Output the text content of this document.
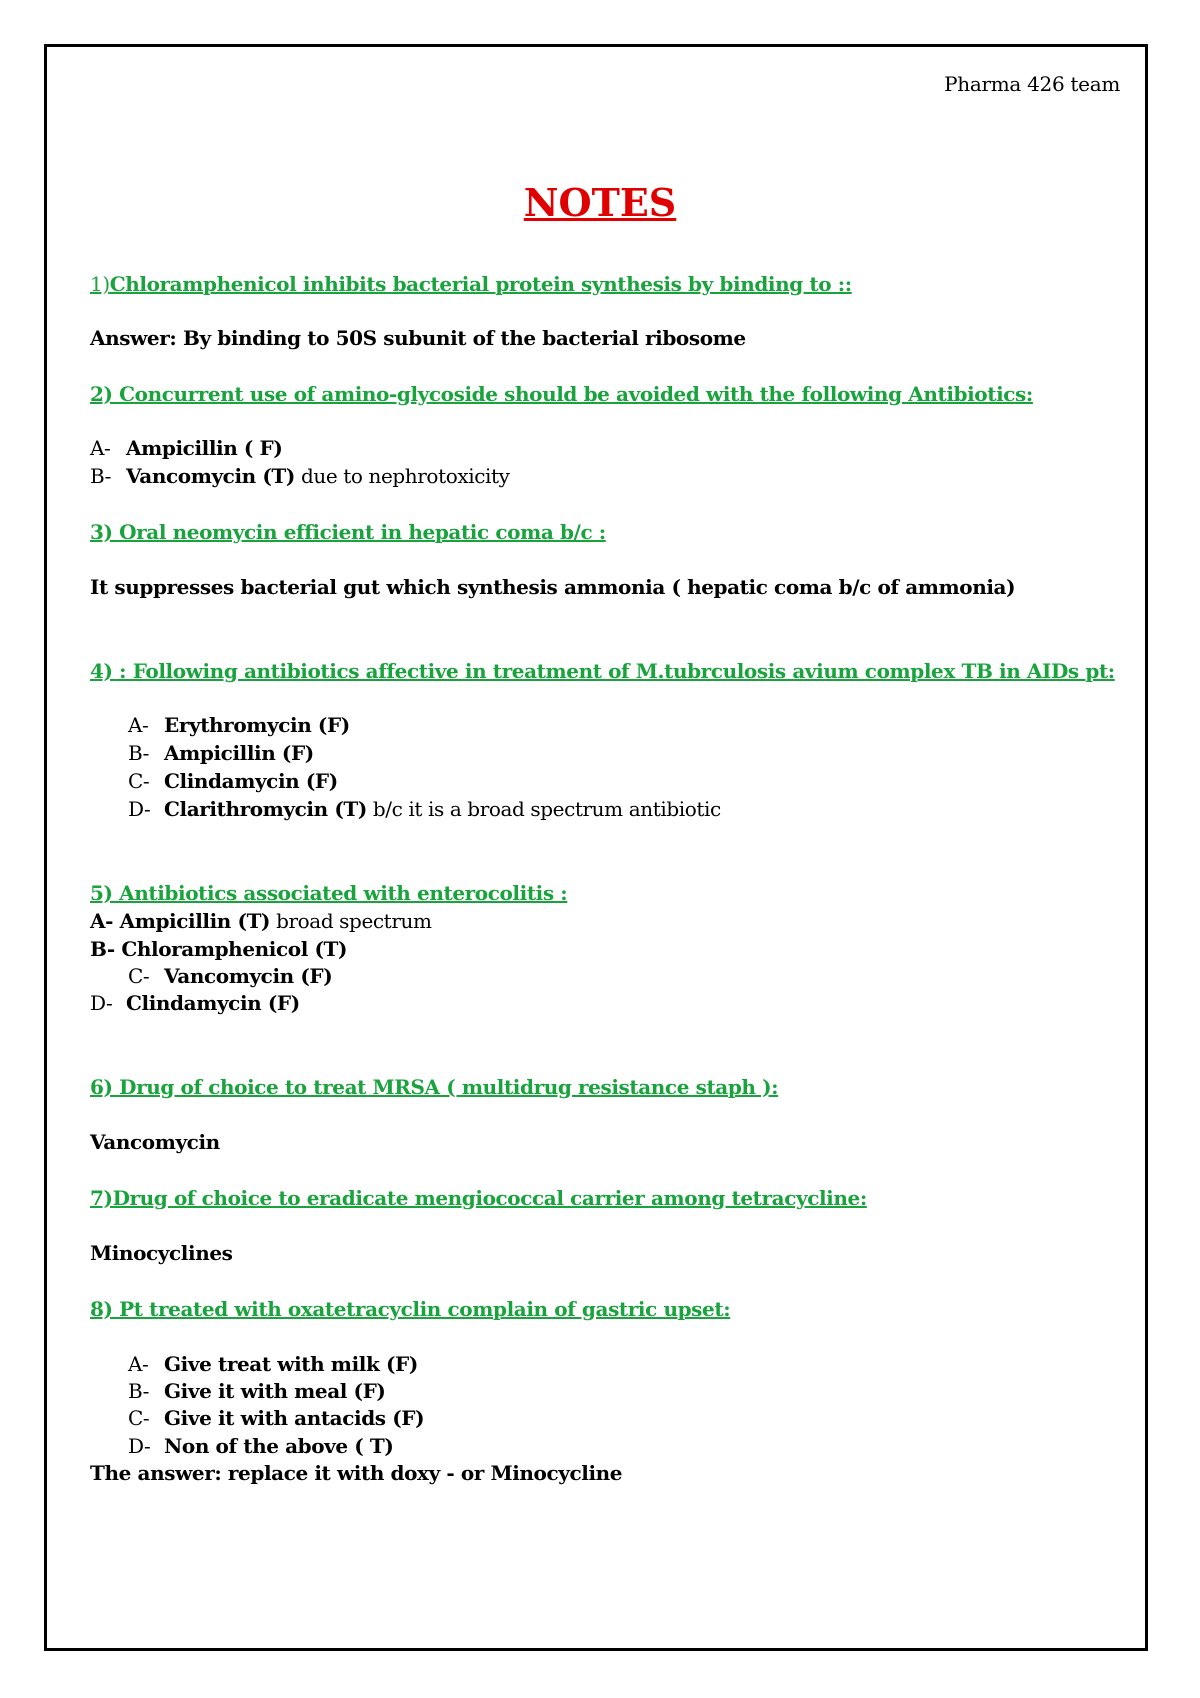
Pharma 426 team
NOTES
1)Chloramphenicol inhibits bacterial protein synthesis by binding to ::
Answer: By binding to 50S subunit of the bacterial ribosome
2) Concurrent use of amino-glycoside should be avoided with the following Antibiotics:
A- Ampicillin ( F)
B- Vancomycin (T) due to nephrotoxicity
3) Oral neomycin efficient in hepatic coma b/c :
It suppresses bacterial gut which synthesis ammonia ( hepatic coma b/c of ammonia)
4) : Following antibiotics affective in treatment of M.tubrculosis avium complex TB in AIDs pt:
A- Erythromycin (F)
B- Ampicillin (F)
C- Clindamycin (F)
D- Clarithromycin (T) b/c it is a broad spectrum antibiotic
5) Antibiotics associated with enterocolitis :
A- Ampicillin (T) broad spectrum
B- Chloramphenicol (T)
C- Vancomycin (F)
D- Clindamycin (F)
6) Drug of choice to treat MRSA ( multidrug resistance staph ):
Vancomycin
7)Drug of choice to eradicate mengiococcal carrier among tetracycline:
Minocyclines
8) Pt treated with oxatetracyclin complain of gastric upset:
A- Give treat with milk (F)
B- Give it with meal (F)
C- Give it with antacids (F)
D- Non of the above ( T)
The answer: replace it with doxy - or Minocycline
